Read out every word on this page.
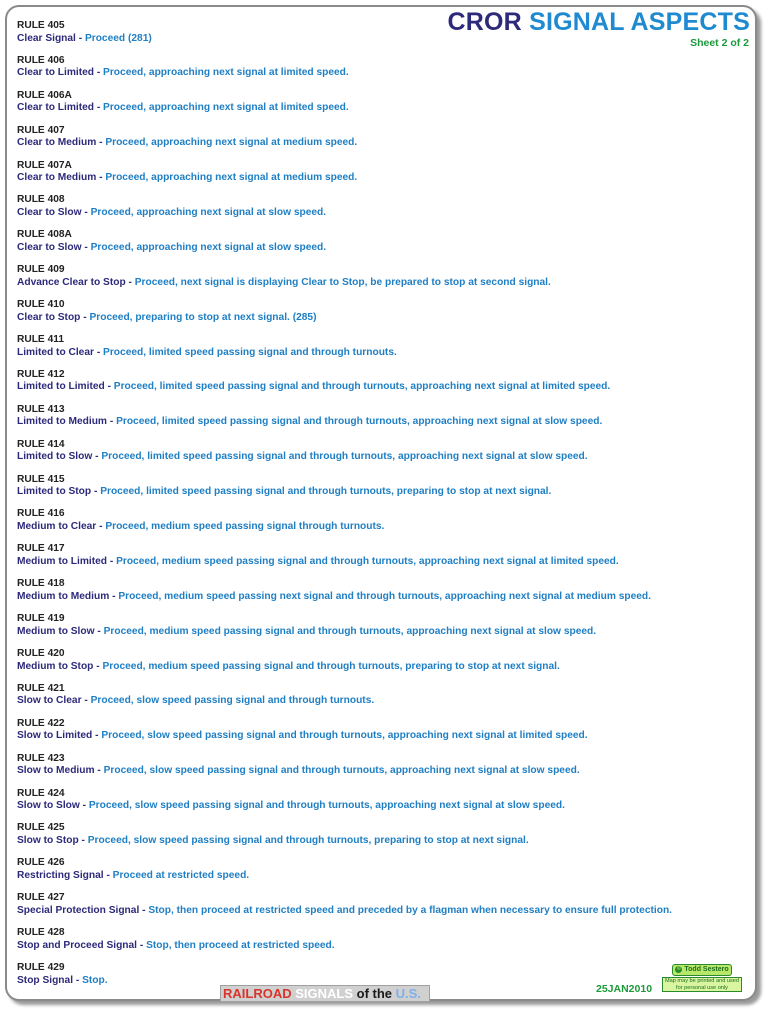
CROR SIGNAL ASPECTS
Sheet 2 of 2
RULE 405
Clear Signal - Proceed (281)
RULE 406
Clear to Limited - Proceed, approaching next signal at limited speed.
RULE 406A
Clear to Limited - Proceed, approaching next signal at limited speed.
RULE 407
Clear to Medium - Proceed, approaching next signal at medium speed.
RULE 407A
Clear to Medium - Proceed, approaching next signal at medium speed.
RULE 408
Clear to Slow - Proceed, approaching next signal at slow speed.
RULE 408A
Clear to Slow - Proceed, approaching next signal at slow speed.
RULE 409
Advance Clear to Stop - Proceed, next signal is displaying Clear to Stop, be prepared to stop at second signal.
RULE 410
Clear to Stop - Proceed, preparing to stop at next signal. (285)
RULE 411
Limited to Clear - Proceed, limited speed passing signal and through turnouts.
RULE 412
Limited to Limited - Proceed, limited speed passing signal and through turnouts, approaching next signal at limited speed.
RULE 413
Limited to Medium - Proceed, limited speed passing signal and through turnouts, approaching next signal at slow speed.
RULE 414
Limited to Slow - Proceed, limited speed passing signal and through turnouts, approaching next signal at slow speed.
RULE 415
Limited to Stop - Proceed, limited speed passing signal and through turnouts, preparing to stop at next signal.
RULE 416
Medium to Clear - Proceed, medium speed passing signal through turnouts.
RULE 417
Medium to Limited - Proceed, medium speed passing signal and through turnouts, approaching next signal at limited speed.
RULE 418
Medium to Medium - Proceed, medium speed passing next signal and through turnouts, approaching next signal at medium speed.
RULE 419
Medium to Slow - Proceed, medium speed passing signal and through turnouts, approaching next signal at slow speed.
RULE 420
Medium to Stop - Proceed, medium speed passing signal and through turnouts, preparing to stop at next signal.
RULE 421
Slow to Clear - Proceed, slow speed passing signal and through turnouts.
RULE 422
Slow to Limited - Proceed, slow speed passing signal and through turnouts, approaching next signal at limited speed.
RULE 423
Slow to Medium - Proceed, slow speed passing signal and through turnouts, approaching next signal at slow speed.
RULE 424
Slow to Slow - Proceed, slow speed passing signal and through turnouts, approaching next signal at slow speed.
RULE 425
Slow to Stop - Proceed, slow speed passing signal and through turnouts, preparing to stop at next signal.
RULE 426
Restricting Signal - Proceed at restricted speed.
RULE 427
Special Protection Signal - Stop, then proceed at restricted speed and preceded by a flagman when necessary to ensure full protection.
RULE 428
Stop and Proceed Signal - Stop, then proceed at restricted speed.
RULE 429
Stop Signal - Stop.
RAILROAD SIGNALS of the U.S.	25JAN2010
© Todd Sestero
Map may be printed and used for personal use only
